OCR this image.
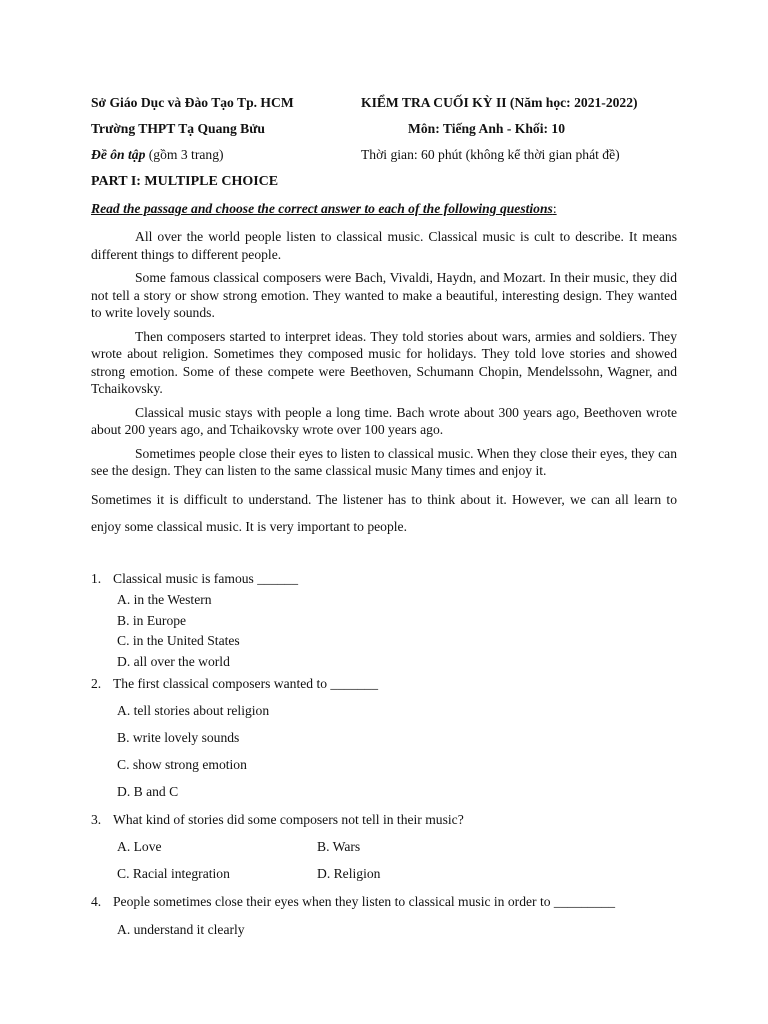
Sở Giáo Dục và Đào Tạo Tp. HCM
Trường THPT Tạ Quang Bửu
Đề ôn tập (gồm 3 trang)
KIỂM TRA CUỐI KỲ II (Năm học: 2021-2022)
Môn: Tiếng Anh - Khối: 10
Thời gian: 60 phút (không kể thời gian phát đề)
PART I: MULTIPLE CHOICE
Read the passage and choose the correct answer to each of the following questions:

All over the world people listen to classical music. Classical music is cult to describe. It means different things to different people.

Some famous classical composers were Bach, Vivaldi, Haydn, and Mozart. In their music, they did not tell a story or show strong emotion. They wanted to make a beautiful, interesting design. They wanted to write lovely sounds.

Then composers started to interpret ideas. They told stories about wars, armies and soldiers. They wrote about religion. Sometimes they composed music for holidays. They told love stories and showed strong emotion. Some of these compete were Beethoven, Schumann Chopin, Mendelssohn, Wagner, and Tchaikovsky.

Classical music stays with people a long time. Bach wrote about 300 years ago, Beethoven wrote about 200 years ago, and Tchaikovsky wrote over 100 years ago.

Sometimes people close their eyes to listen to classical music. When they close their eyes, they can see the design. They can listen to the same classical music Many times and enjoy it.

Sometimes it is difficult to understand. The listener has to think about it. However, we can all learn to enjoy some classical music. It is very important to people.

1. Classical music is famous ______
A. in the Western
B. in Europe
C. in the United States
D. all over the world
2. The first classical composers wanted to _______
A. tell stories about religion
B. write lovely sounds
C. show strong emotion
D. B and C
3. What kind of stories did some composers not tell in their music?
A. Love	B. Wars
C. Racial integration	D. Religion
4. People sometimes close their eyes when they listen to classical music in order to _________
A. understand it clearly
